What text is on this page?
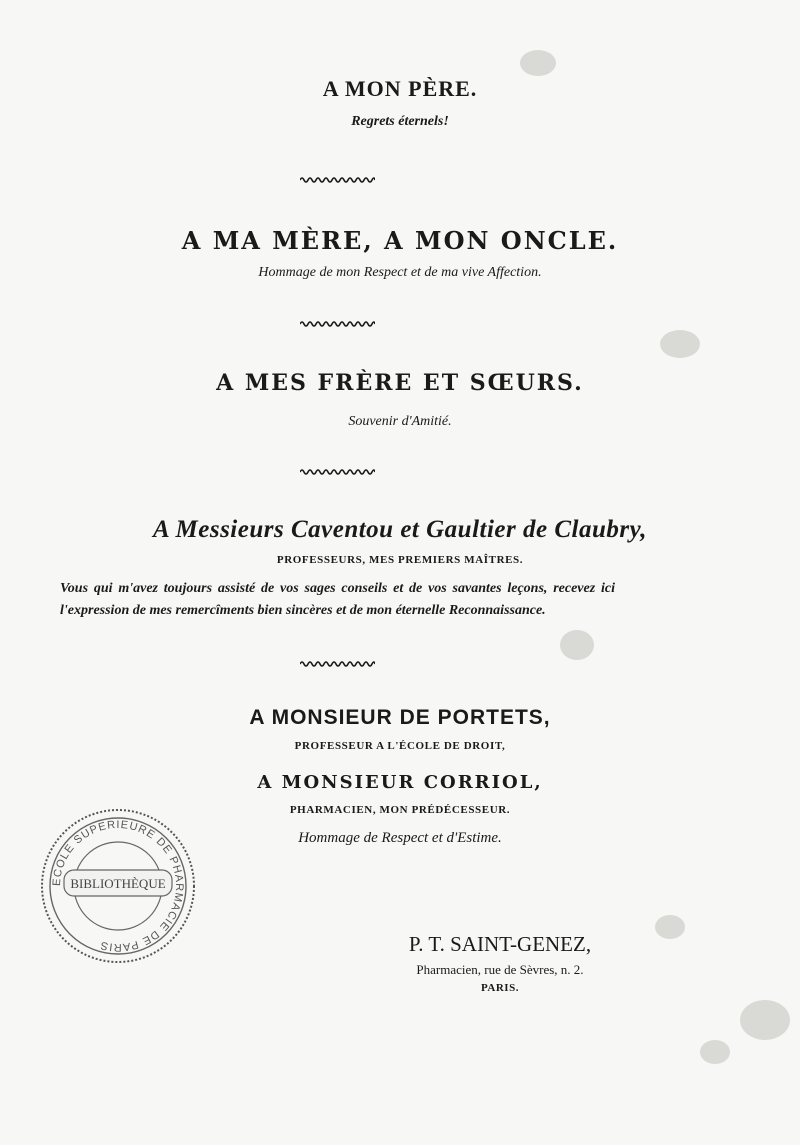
A MON PÈRE.
Regrets éternels!
A MA MÈRE, A MON ONCLE.
Hommage de mon Respect et de ma vive Affection.
A MES FRÈRE ET SŒURS.
Souvenir d'Amitié.
A Messieurs Caventou et Gaultier de Claubry,
PROFESSEURS, MES PREMIERS MAÎTRES.
Vous qui m'avez toujours assisté de vos sages conseils et de vos savantes leçons, recevez ici l'expression de mes remercîments bien sincères et de mon éternelle Reconnaissance.
A MONSIEUR DE PORTETS,
PROFESSEUR A L'ÉCOLE DE DROIT,
A MONSIEUR CORRIOL,
PHARMACIEN, MON PRÉDÉCESSEUR.
Hommage de Respect et d'Estime.
ECOLE SUPERIEURE DE PHARMACIE DE PARIS
BIBLIOTHÈQUE
P. T. SAINT-GENEZ,
Pharmacien, rue de Sèvres, n. 2.
PARIS.
